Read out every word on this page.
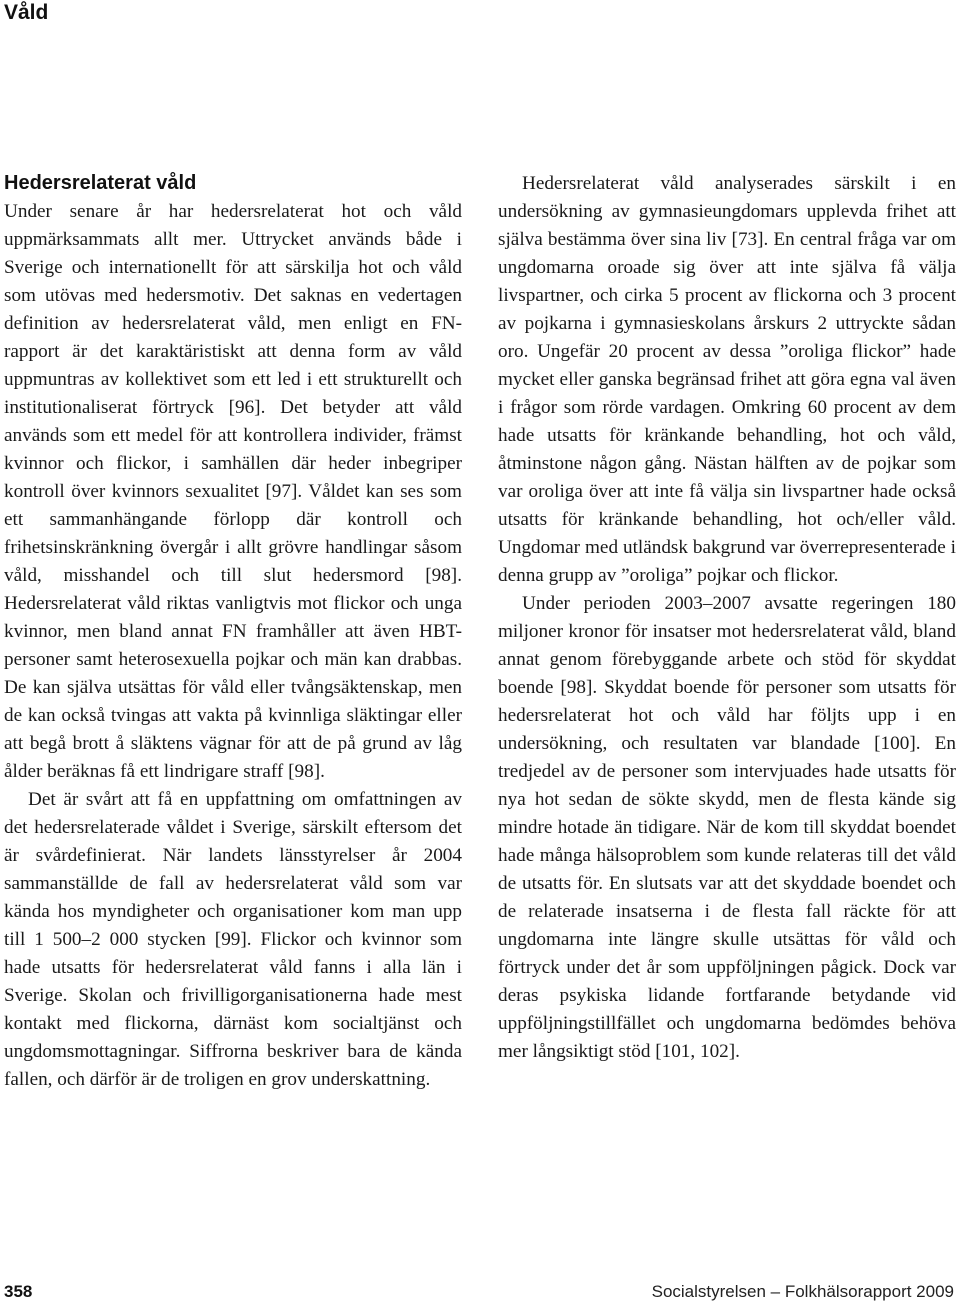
Våld
Hedersrelaterat våld

Under senare år har hedersrelaterat hot och våld uppmärksammats allt mer. Uttrycket används både i Sverige och internationellt för att särskilja hot och våld som utövas med hedersmotiv. Det saknas en vedertagen definition av hedersrelaterat våld, men enligt en FN-rapport är det karaktäristiskt att denna form av våld uppmuntras av kollektivet som ett led i ett strukturellt och institutionaliserat förtryck [96]. Det betyder att våld används som ett medel för att kontrollera individer, främst kvinnor och flickor, i samhällen där heder inbegriper kontroll över kvinnors sexualitet [97]. Våldet kan ses som ett sammanhängande förlopp där kontroll och frihetsinskränkning övergår i allt grövre handlingar såsom våld, misshandel och till slut hedersmord [98]. Hedersrelaterat våld riktas vanligtvis mot flickor och unga kvinnor, men bland annat FN framhåller att även HBT-personer samt heterosexuella pojkar och män kan drabbas. De kan själva utsättas för våld eller tvångsäktenskap, men de kan också tvingas att vakta på kvinnliga släktingar eller att begå brott å släktens vägnar för att de på grund av låg ålder beräknas få ett lindrigare straff [98].

Det är svårt att få en uppfattning om omfattningen av det hedersrelaterade våldet i Sverige, särskilt eftersom det är svårdefinierat. När landets länsstyrelser år 2004 sammanställde de fall av hedersrelaterat våld som var kända hos myndigheter och organisationer kom man upp till 1 500–2 000 stycken [99]. Flickor och kvinnor som hade utsatts för hedersrelaterat våld fanns i alla län i Sverige. Skolan och frivilligorganisationerna hade mest kontakt med flickorna, därnäst kom socialtjänst och ungdomsmottagningar. Siffrorna beskriver bara de kända fallen, och därför är de troligen en grov underskattning.

Hedersrelaterat våld analyserades särskilt i en undersökning av gymnasieungdomars upplevda frihet att själva bestämma över sina liv [73]. En central fråga var om ungdomarna oroade sig över att inte själva få välja livspartner, och cirka 5 procent av flickorna och 3 procent av pojkarna i gymnasieskolans årskurs 2 uttryckte sådan oro. Ungefär 20 procent av dessa ”oroliga flickor” hade mycket eller ganska begränsad frihet att göra egna val även i frågor som rörde vardagen. Omkring 60 procent av dem hade utsatts för kränkande behandling, hot och våld, åtminstone någon gång. Nästan hälften av de pojkar som var oroliga över att inte få välja sin livspartner hade också utsatts för kränkande behandling, hot och/eller våld. Ungdomar med utländsk bakgrund var överrepresenterade i denna grupp av ”oroliga” pojkar och flickor.

Under perioden 2003–2007 avsatte regeringen 180 miljoner kronor för insatser mot hedersrelaterat våld, bland annat genom förebyggande arbete och stöd för skyddat boende [98]. Skyddat boende för personer som utsatts för hedersrelaterat hot och våld har följts upp i en undersökning, och resultaten var blandade [100]. En tredjedel av de personer som intervjuades hade utsatts för nya hot sedan de sökte skydd, men de flesta kände sig mindre hotade än tidigare. När de kom till skyddat boendet hade många hälsoproblem som kunde relateras till det våld de utsatts för. En slutsats var att det skyddade boendet och de relaterade insatserna i de flesta fall räckte för att ungdomarna inte längre skulle utsättas för våld och förtryck under det år som uppföljningen pågick. Dock var deras psykiska lidande fortfarande betydande vid uppföljningstillfället och ungdomarna bedömdes behöva mer långsiktigt stöd [101, 102].

358	Socialstyrelsen – Folkhälsorapport 2009
